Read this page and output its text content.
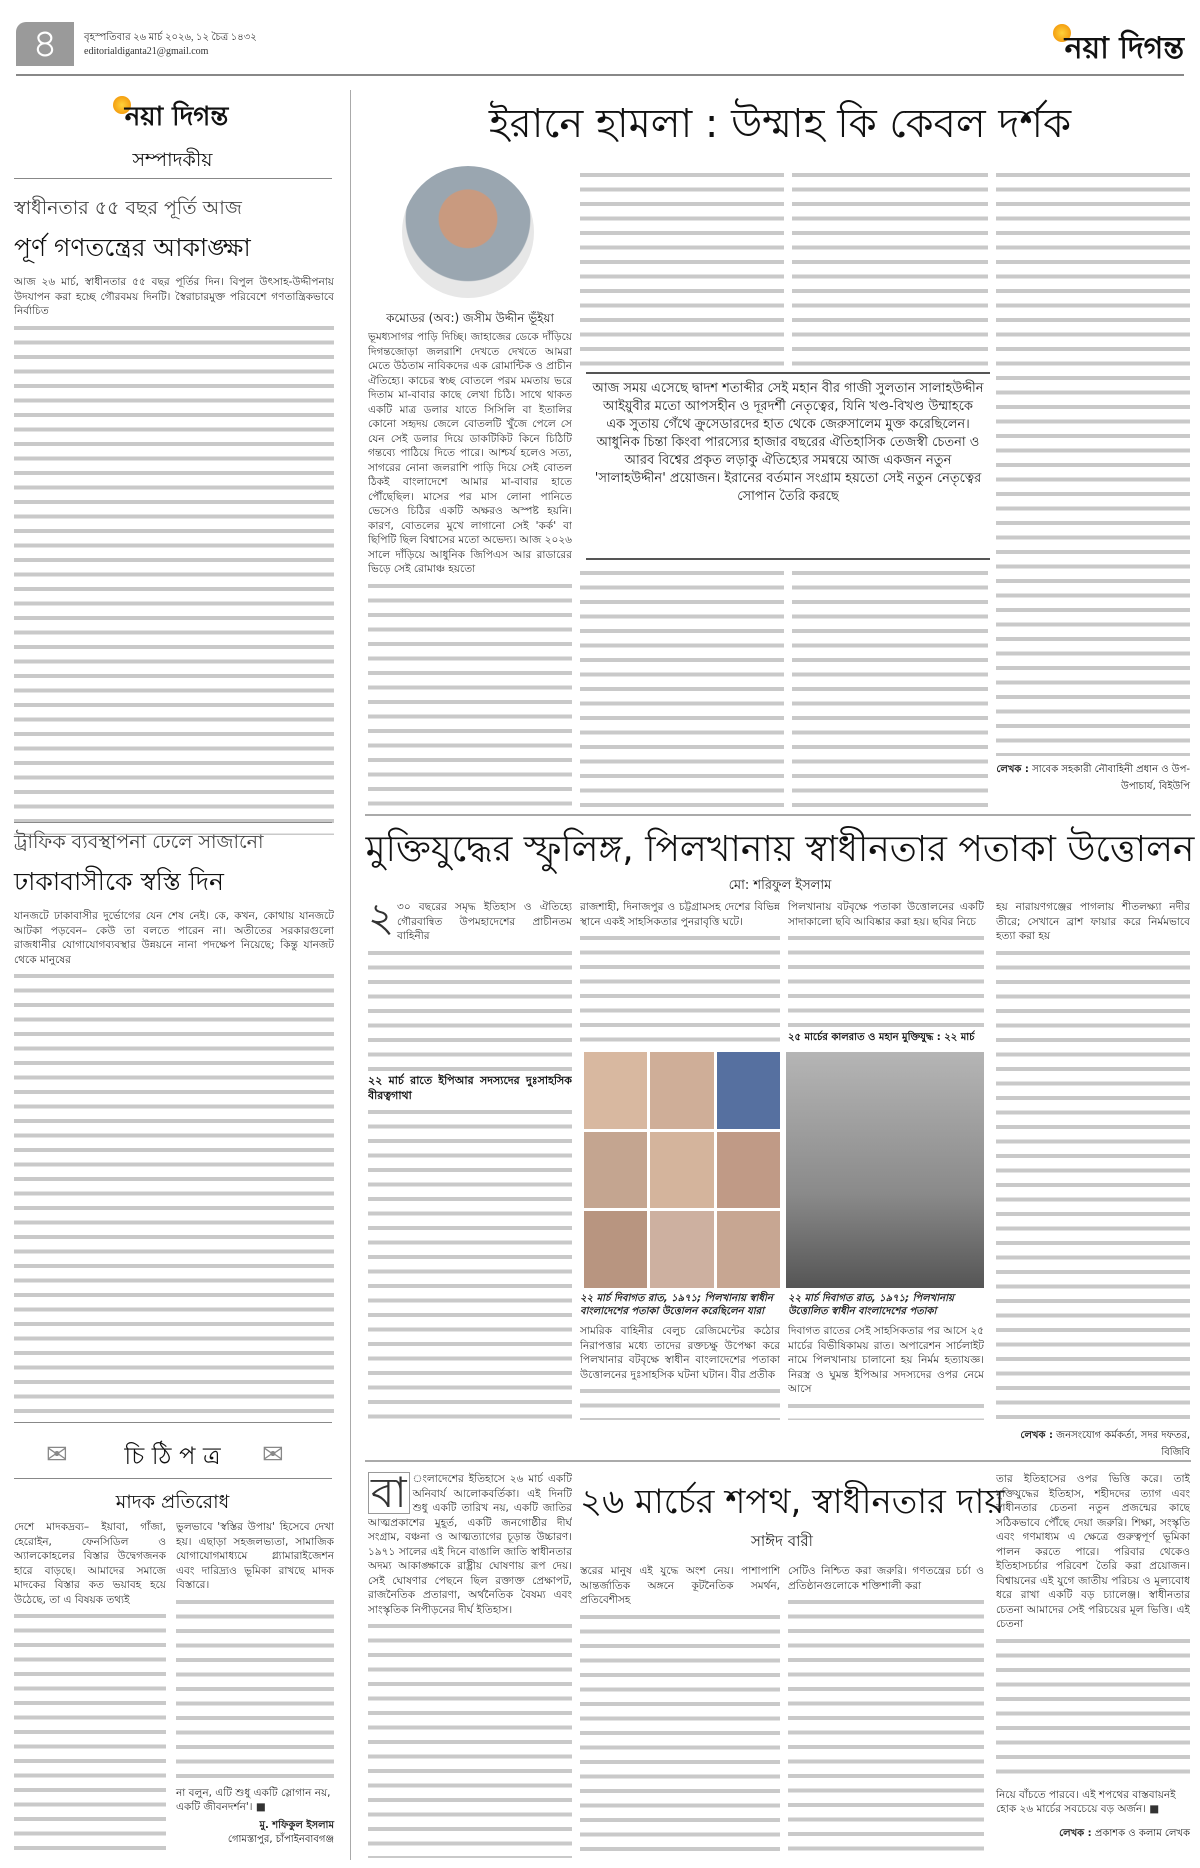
৪	বৃহস্পতিবার ২৬ মার্চ ২০২৬, ১২ চৈত্র ১৪৩২
editorialdiganta21@gmail.com	নয়া দিগন্ত
নয়া দিগন্ত
সম্পাদকীয়
স্বাধীনতার ৫৫ বছর পূর্তি আজ
পূর্ণ গণতন্ত্রের আকাঙ্ক্ষা

আজ ২৬ মার্চ, স্বাধীনতার ৫৫ বছর পূর্তির দিন। বিপুল উৎসাহ-উদ্দীপনায় উদযাপন করা হচ্ছে গৌরবময় দিনটি। স্বৈরাচারমুক্ত পরিবেশে গণতান্ত্রিকভাবে নির্বাচিত

ট্রাফিক ব্যবস্থাপনা ঢেলে সাজানো
ঢাকাবাসীকে স্বস্তি দিন

যানজটে ঢাকাবাসীর দুর্ভোগের যেন শেষ নেই। কে, কখন, কোথায় যানজটে আটকা পড়বেন– কেউ তা বলতে পারেন না। অতীতের সরকারগুলো রাজধানীর যোগাযোগব্যবস্থার উন্নয়নে নানা পদক্ষেপ নিয়েছে; কিন্তু যানজট থেকে মানুষের

✉	✉
চি ঠি প ত্র
মাদক প্রতিরোধ

দেশে মাদকদ্রব্য– ইয়াবা, গাঁজা, হেরোইন, ফেনসিডিল ও অ্যালকোহলের বিস্তার উদ্বেগজনক হারে বাড়ছে। আমাদের সমাজে মাদকের বিস্তার কত ভয়াবহ হয়ে উঠেছে, তা এ বিষয়ক তথ্যই

ভুলভাবে 'স্বস্তির উপায়' হিসেবে দেখা হয়। এছাড়া সহজলভ্যতা, সামাজিক যোগাযোগমাধ্যমে গ্ল্যামারাইজেশন এবং দারিদ্র্যও ভূমিকা রাখছে মাদক বিস্তারে।

না বলুন, এটি শুধু একটি স্লোগান নয়, একটি জীবনদর্শন'। ■
মু. শফিকুল ইসলাম
গোমস্তাপুর, চাঁপাইনবাবগঞ্জ
ইরানে হামলা : উম্মাহ কি কেবল দর্শক
কমোডর (অব:) জসীম উদ্দীন ভূঁইয়া

ভূমধ্যসাগর পাড়ি দিচ্ছি। জাহাজের ডেকে দাঁড়িয়ে দিগন্তজোড়া জলরাশি দেখতে দেখতে আমরা মেতে উঠতাম নাবিকদের এক রোমান্টিক ও প্রাচীন ঐতিহ্যে। কাচের স্বচ্ছ বোতলে পরম মমতায় ভরে দিতাম মা-বাবার কাছে লেখা চিঠি। সাথে থাকত একটি মাত্র ডলার যাতে সিসিলি বা ইতালির কোনো সহৃদয় জেলে বোতলটি খুঁজে পেলে সে যেন সেই ডলার দিয়ে ডাকটিকিট কিনে চিঠিটি গন্তব্যে পাঠিয়ে দিতে পারে। আশ্চর্য হলেও সত্য, সাগরের নোনা জলরাশি পাড়ি দিয়ে সেই বোতল ঠিকই বাংলাদেশে আমার মা-বাবার হাতে পৌঁছেছিল। মাসের পর মাস লোনা পানিতে ভেসেও চিঠির একটি অক্ষরও অস্পষ্ট হয়নি। কারণ, বোতলের মুখে লাগানো সেই 'কর্ক' বা ছিপিটি ছিল বিশ্বাসের মতো অভেদ্য। আজ ২০২৬ সালে দাঁড়িয়ে আধুনিক জিপিএস আর রাডারের ভিড়ে সেই রোমাঞ্চ হয়তো

আজ সময় এসেছে দ্বাদশ শতাব্দীর সেই মহান বীর গাজী সুলতান সালাহউদ্দীন আইয়ুবীর মতো আপসহীন ও দূরদর্শী নেতৃত্বের, যিনি খণ্ড-বিখণ্ড উম্মাহকে এক সুতায় গেঁথে ক্রুসেডারদের হাত থেকে জেরুসালেম মুক্ত করেছিলেন। আধুনিক চিন্তা কিংবা পারস্যের হাজার বছরের ঐতিহাসিক তেজস্বী চেতনা ও আরব বিশ্বের প্রকৃত লড়াকু ঐতিহ্যের সমন্বয়ে আজ একজন নতুন 'সালাহউদ্দীন' প্রয়োজন। ইরানের বর্তমান সংগ্রাম হয়তো সেই নতুন নেতৃত্বের সোপান তৈরি করছে
লেখক : সাবেক সহকারী নৌবাহিনী প্রধান ও উপ-উপাচার্য, বিইউপি
মুক্তিযুদ্ধের স্ফুলিঙ্গ, পিলখানায় স্বাধীনতার পতাকা উত্তোলন
মো: শরিফুল ইসলাম
২ ৩০ বছরের সমৃদ্ধ ইতিহাস ও ঐতিহ্যে গৌরবান্বিত উপমহাদেশের প্রাচীনতম বাহিনীর
২২ মার্চ রাতে ইপিআর সদস্যদের দুঃসাহসিক বীরত্বগাথা

রাজশাহী, দিনাজপুর ও চট্টগ্রামসহ দেশের বিভিন্ন স্থানে একই সাহসিকতার পুনরাবৃত্তি ঘটে।

পিলখানায় বটবৃক্ষে পতাকা উত্তোলনের একটি সাদাকালো ছবি আবিষ্কার করা হয়। ছবির নিচে

২৫ মার্চের কালরাত ও মহান মুক্তিযুদ্ধ : ২২ মার্চ
২২ মার্চ দিবাগত রাত, ১৯৭১; পিলখানায় স্বাধীন বাংলাদেশের পতাকা উত্তোলন করেছিলেন যারা
২২ মার্চ দিবাগত রাত, ১৯৭১; পিলখানায় উত্তোলিত স্বাধীন বাংলাদেশের পতাকা

সামরিক বাহিনীর বেলুচ রেজিমেন্টের কঠোর নিরাপত্তার মধ্যে তাদের রক্তচক্ষু উপেক্ষা করে পিলখানার বটবৃক্ষে স্বাধীন বাংলাদেশের পতাকা উত্তোলনের দুঃসাহসিক ঘটনা ঘটান। বীর প্রতীক

দিবাগত রাতের সেই সাহসিকতার পর আসে ২৫ মার্চের বিভীষিকাময় রাত। অপারেশন সার্চলাইট নামে পিলখানায় চালানো হয় নির্মম হত্যাযজ্ঞ। নিরস্ত্র ও ঘুমন্ত ইপিআর সদস্যদের ওপর নেমে আসে

হয় নারায়ণগঞ্জের পাগলায় শীতলক্ষ্যা নদীর তীরে; সেখানে ব্রাশ ফায়ার করে নির্মমভাবে হত্যা করা হয়

লেখক : জনসংযোগ কর্মকর্তা, সদর দফতর, বিজিবি
বা ংলাদেশের ইতিহাসে ২৬ মার্চ একটি অনিবার্য আলোকবর্তিকা। এই দিনটি শুধু একটি তারিখ নয়, একটি জাতির আত্মপ্রকাশের মুহূর্ত, একটি জনগোষ্ঠীর দীর্ঘ সংগ্রাম, বঞ্চনা ও আত্মত্যাগের চূড়ান্ত উচ্চারণ। ১৯৭১ সালের এই দিনে বাঙালি জাতি স্বাধীনতার অদম্য আকাঙ্ক্ষাকে রাষ্ট্রীয় ঘোষণায় রূপ দেয়। সেই ঘোষণার পেছনে ছিল রক্তাক্ত প্রেক্ষাপট, রাজনৈতিক প্রতারণা, অর্থনৈতিক বৈষম্য এবং সাংস্কৃতিক নিপীড়নের দীর্ঘ ইতিহাস।
২৬ মার্চের শপথ, স্বাধীনতার দায়
সাঈদ বারী

স্তরের মানুষ এই যুদ্ধে অংশ নেয়। পাশাপাশি আন্তর্জাতিক অঙ্গনে কূটনৈতিক সমর্থন, প্রতিবেশীসহ

সেটিও নিশ্চিত করা জরুরি। গণতন্ত্রের চর্চা ও প্রতিষ্ঠানগুলোকে শক্তিশালী করা

তার ইতিহাসের ওপর ভিত্তি করে। তাই মুক্তিযুদ্ধের ইতিহাস, শহীদদের ত্যাগ এবং স্বাধীনতার চেতনা নতুন প্রজন্মের কাছে সঠিকভাবে পৌঁছে দেয়া জরুরি। শিক্ষা, সংস্কৃতি এবং গণমাধ্যম এ ক্ষেত্রে গুরুত্বপূর্ণ ভূমিকা পালন করতে পারে। পরিবার থেকেও ইতিহাসচর্চার পরিবেশ তৈরি করা প্রয়োজন। বিশ্বায়নের এই যুগে জাতীয় পরিচয় ও মূল্যবোধ ধরে রাখা একটি বড় চ্যালেঞ্জ। স্বাধীনতার চেতনা আমাদের সেই পরিচয়ের মূল ভিত্তি। এই চেতনা

নিয়ে বাঁচতে পারবে। এই শপথের বাস্তবায়নই হোক ২৬ মার্চের সবচেয়ে বড় অর্জন। ■
লেখক : প্রকাশক ও কলাম লেখক
